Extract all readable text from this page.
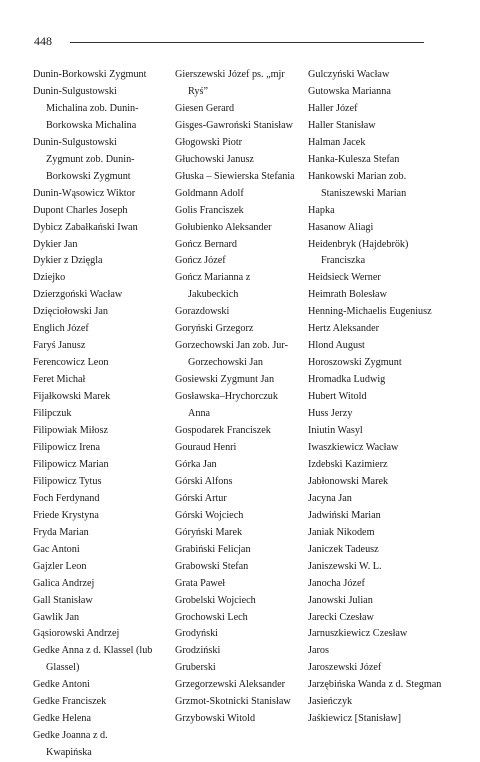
448
Dunin-Borkowski Zygmunt
Dunin-Sulgustowski Michalina zob. Dunin-Borkowska Michalina
Dunin-Sulgustowski Zygmunt zob. Dunin-Borkowski Zygmunt
Dunin-Wąsowicz Wiktor
Dupont Charles Joseph
Dybicz Zabałkański Iwan
Dykier Jan
Dykier z Dzięgla
Dziejko
Dzierzgoński Wacław
Dzięciołowski Jan
Englich Józef
Faryś Janusz
Ferencowicz Leon
Feret Michał
Fijałkowski Marek
Filipczuk
Filipowiak Miłosz
Filipowicz Irena
Filipowicz Marian
Filipowicz Tytus
Foch Ferdynand
Friede Krystyna
Fryda Marian
Gac Antoni
Gajzler Leon
Galica Andrzej
Gall Stanisław
Gawlik Jan
Gąsiorowski Andrzej
Gedke Anna z d. Klassel (lub Glassel)
Gedke Antoni
Gedke Franciszek
Gedke Helena
Gedke Joanna z d. Kwapińska
Gierszewski Józef ps. „mjr Ryś”
Giesen Gerard
Gisges-Gawroński Stanisław
Głogowski Piotr
Głuchowski Janusz
Głuska – Siewierska Stefania
Goldmann Adolf
Golis Franciszek
Gołubienko Aleksander
Gończ Bernard
Gończ Józef
Gończ Marianna z Jakubeckich
Gorazdowski
Goryński Grzegorz
Gorzechowski Jan zob. Jur-Gorzechowski Jan
Gosiewski Zygmunt Jan
Gosławska–Hrychorczuk Anna
Gospodarek Franciszek
Gouraud Henri
Górka Jan
Górski Alfons
Górski Artur
Górski Wojciech
Góryński Marek
Grabiński Felicjan
Grabowski Stefan
Grata Paweł
Grobelski Wojciech
Grochowski Lech
Grodyński
Grodziński
Gruberski
Grzegorzewski Aleksander
Grzmot-Skotnicki Stanisław
Grzybowski Witold
Gulczyński Wacław
Gutowska Marianna
Haller Józef
Haller Stanisław
Halman Jacek
Hanka-Kulesza Stefan
Hankowski Marian zob. Staniszewski Marian
Hapka
Hasanow Aliagi
Heidenbryk (Hajdebrök) Franciszka
Heidsieck Werner
Heimrath Bolesław
Henning-Michaelis Eugeniusz
Hertz Aleksander
Hlond August
Horoszowski Zygmunt
Hromadka Ludwig
Hubert Witold
Huss Jerzy
Iniutin Wasyl
Iwaszkiewicz Wacław
Izdebski Kazimierz
Jabłonowski Marek
Jacyna Jan
Jadwiński Marian
Janiak Nikodem
Janiczek Tadeusz
Janiszewski W. L.
Janocha Józef
Janowski Julian
Jarecki Czesław
Jarnuszkiewicz Czesław
Jaros
Jaroszewski Józef
Jarzębińska Wanda z d. Stegman
Jasieńczyk
Jaśkiewicz [Stanisław]
